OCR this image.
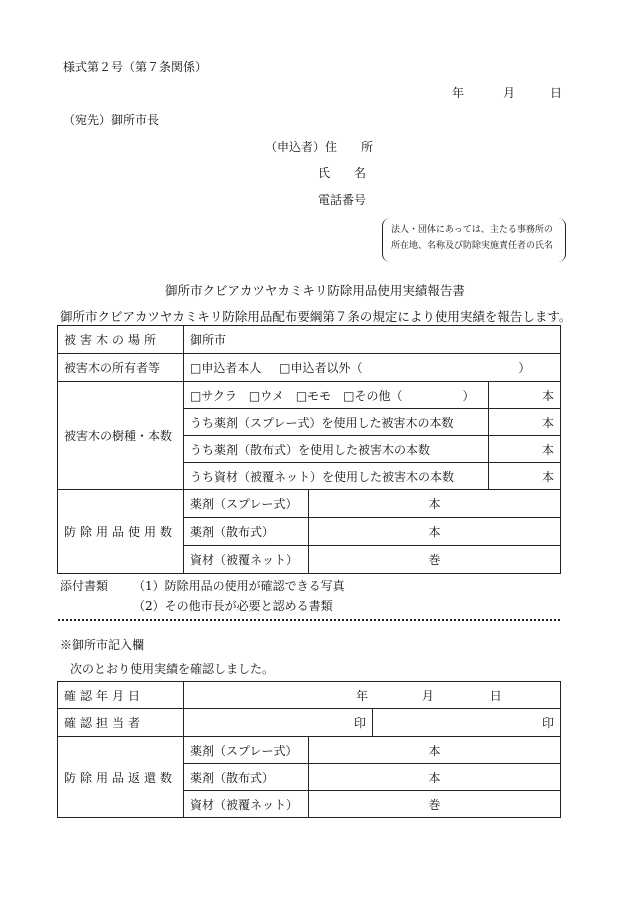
様式第２号（第７条関係）
年	月	日
（宛先）御所市長
（申込者）住　　所
氏　　名
電話番号
法人・団体にあっては、主たる事務所の
所在地、名称及び防除実施責任者の氏名
御所市クビアカツヤカミキリ防除用品使用実績報告書
御所市クビアカツヤカミキリ防除用品配布要綱第７条の規定により使用実績を報告します。
被害木の場所	御所市		
被害木の所有者等	□申込者本人 □申込者以外（ ）		
被害木の樹種・本数	□サクラ　□ウメ　□モモ　□その他（　　　　　）		本
	うち薬剤（スプレー式）を使用した被害木の本数		本
	うち薬剤（散布式）を使用した被害木の本数		本
	うち資材（被覆ネット）を使用した被害木の本数		本
防除用品使用数	薬剤（スプレー式）	本	
	薬剤（散布式）	本	
	資材（被覆ネット）	巻	
添付書類 （1）防除用品の使用が確認できる写真
（2）その他市長が必要と認める書類
※御所市記入欄
次のとおり使用実績を確認しました。
確認年月日	年 月 日		
確認担当者	印		印
防除用品返還数	薬剤（スプレー式）	本	
	薬剤（散布式）	本	
	資材（被覆ネット）	巻	
